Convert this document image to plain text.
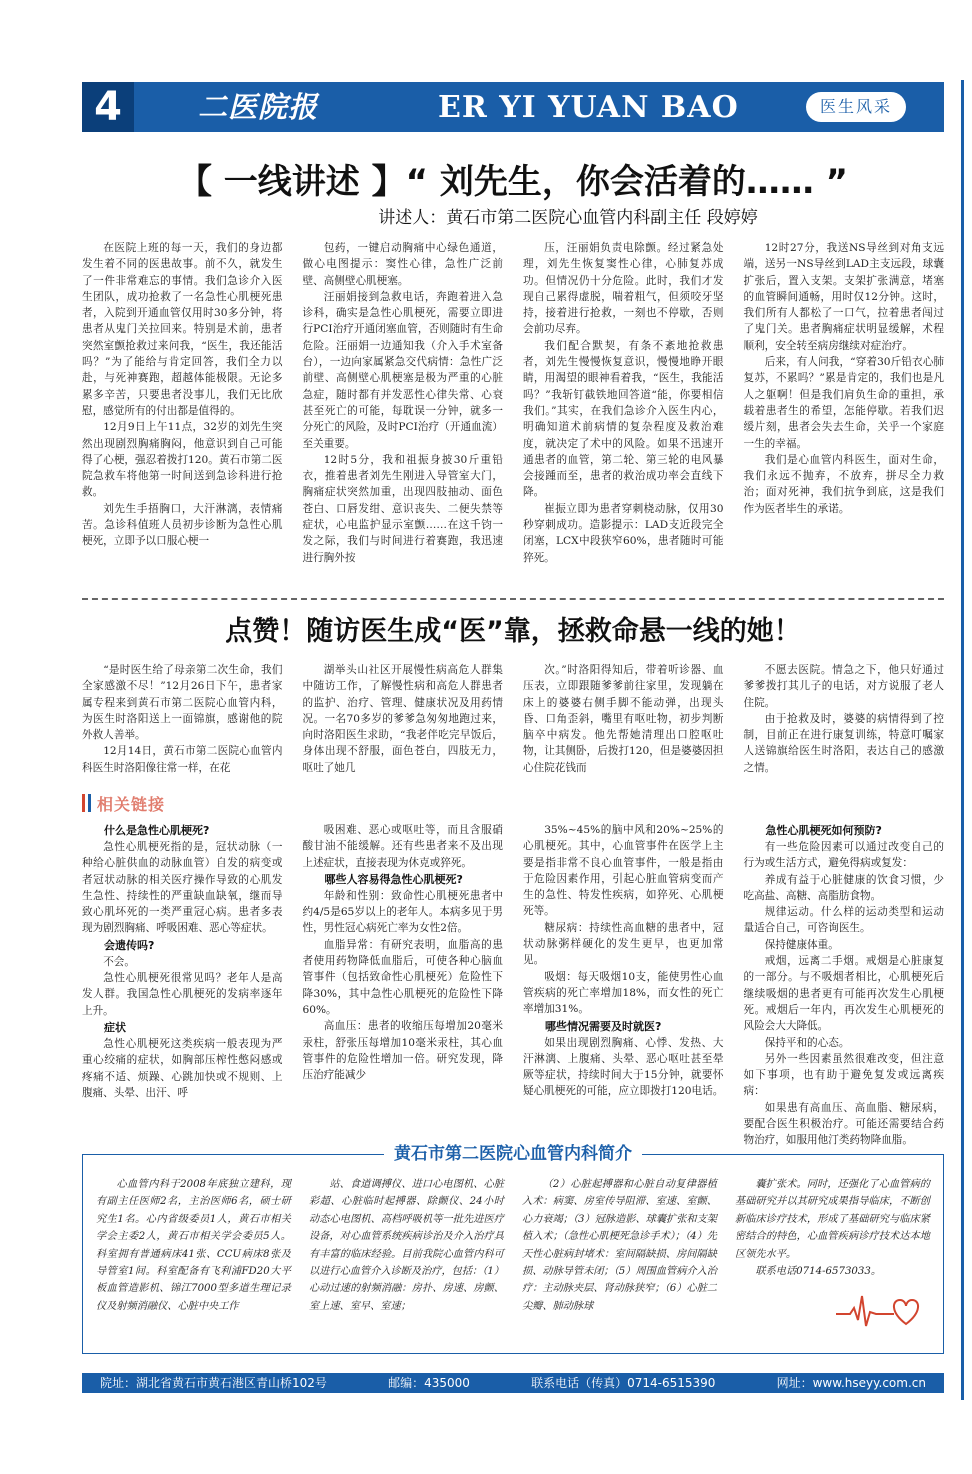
4	二医院报	ER YI YUAN BAO	医生风采
【 一线讲述 】“ 刘先生，你会活着的…… ”
讲述人：黄石市第二医院心血管内科副主任 段婷婷

在医院上班的每一天，我们的身边都发生着不同的医患故事。前不久，就发生了一件非常难忘的事情。我们急诊介入医生团队，成功抢救了一名急性心肌梗死患者，入院到开通血管仅用时30多分钟，将患者从鬼门关拉回来。特别是术前，患者突然室颤抢救过来问我，“医生，我还能活吗？”为了能给与肯定回答，我们全力以赴，与死神赛跑，超越体能极限。无论多累多辛苦，只要患者没事儿，我们无比欣慰，感觉所有的付出都是值得的。

12月9日上午11点，32岁的刘先生突然出现剧烈胸痛胸闷，他意识到自己可能得了心梗，强忍着拨打120。黄石市第二医院急救车将他第一时间送到急诊科进行抢救。

刘先生手捂胸口，大汗淋漓，表情痛苦。急诊科值班人员初步诊断为急性心肌梗死，立即予以口服心梗一

包药，一键启动胸痛中心绿色通道，做心电图提示：窦性心律，急性广泛前壁、高侧壁心肌梗塞。

汪丽娟接到急救电话，奔跑着进入急诊科，确实是急性心肌梗死，需要立即进行PCI治疗开通闭塞血管，否则随时有生命危险。汪丽娟一边通知我（介入手术室备台），一边向家属紧急交代病情：急性广泛前壁、高侧壁心肌梗塞是极为严重的心脏急症，随时都有并发恶性心律失常、心衰甚至死亡的可能，每耽误一分钟，就多一分死亡的风险，及时PCI治疗（开通血流）至关重要。

12时5分，我和祖振身披30斤重铅衣，推着患者刘先生刚进入导管室大门，胸痛症状突然加重，出现四肢抽动、面色苍白、口唇发绀、意识丧失、二便失禁等症状，心电监护显示室颤……在这千钧一发之际，我们与时间进行着赛跑，我迅速进行胸外按

压，汪丽娟负责电除颤。经过紧急处理，刘先生恢复窦性心律，心肺复苏成功。但情况仍十分危险。此时，我们才发现自己累得虚脱，喘着粗气，但须咬牙坚持，接着进行抢救，一刻也不停歇，否则会前功尽弃。

我们配合默契，有条不紊地抢救患者，刘先生慢慢恢复意识，慢慢地睁开眼睛，用渴望的眼神看着我，“医生，我能活吗？”我斩钉截铁地回答道“能，你要相信我们。”其实，在我们急诊介入医生内心，明确知道术前病情的复杂程度及救治难度，就决定了术中的风险。如果不迅速开通患者的血管，第二轮、第三轮的电风暴会接踵而至，患者的救治成功率会直线下降。

崔振立即为患者穿刺桡动脉，仅用30秒穿刺成功。造影提示：LAD支近段完全闭塞，LCX中段狭窄60%，患者随时可能猝死。

12时27分，我送NS导丝到对角支远端，送另一NS导丝到LAD主支远段，球囊扩张后，置入支架。支架扩张满意，堵塞的血管瞬间通畅，用时仅12分钟。这时，我们所有人都松了一口气，拉着患者闯过了鬼门关。患者胸痛症状明显缓解，术程顺利，安全转至病房继续对症治疗。

后来，有人问我，“穿着30斤铅衣心肺复苏，不累吗？”累是肯定的，我们也是凡人之躯啊！但是我们肩负生命的重担，承载着患者生的希望，怎能停歇。若我们迟缓片刻，患者会失去生命，关乎一个家庭一生的幸福。

我们是心血管内科医生，面对生命，我们永远不抛弃，不放弃，拼尽全力救治；面对死神，我们抗争到底，这是我们作为医者毕生的承诺。

点赞！随访医生成“医”靠，拯救命悬一线的她！

“是时医生给了母亲第二次生命，我们全家感激不尽！”12月26日下午，患者家属专程来到黄石市第二医院心血管内科，为医生时洛阳送上一面锦旗，感谢他的院外救人善举。

12月14日，黄石市第二医院心血管内科医生时洛阳像往常一样，在花

湖举头山社区开展慢性病高危人群集中随访工作，了解慢性病和高危人群患者的监护、治疗、管理、健康状况及用药情况。一名70多岁的爹爹急匆匆地跑过来，向时洛阳医生求助，“我老伴吃完早饭后，身体出现不舒服，面色苍白，四肢无力，呕吐了她几

次。”时洛阳得知后，带着听诊器、血压表，立即跟随爹爹前往家里，发现躺在床上的婆婆右侧手脚不能动弹，出现头昏、口角歪斜，嘴里有呕吐物，初步判断脑卒中病发。他先帮她清理出口腔呕吐物，让其侧卧，后拨打120，但是婆婆因担心住院花钱而

不愿去医院。情急之下，他只好通过爹爹拨打其儿子的电话，对方说服了老人住院。

由于抢救及时，婆婆的病情得到了控制，目前正在进行康复训练，特意叮嘱家人送锦旗给医生时洛阳，表达自己的感激之情。

相关链接
什么是急性心肌梗死?

急性心肌梗死指的是，冠状动脉（一种给心脏供血的动脉血管）自发的病变或者冠状动脉的相关医疗操作导致的心肌发生急性、持续性的严重缺血缺氧，继而导致心肌坏死的一类严重冠心病。患者多表现为剧烈胸痛、呼吸困难、恶心等症状。

会遗传吗?

不会。

急性心肌梗死很常见吗？老年人是高发人群。我国急性心肌梗死的发病率逐年上升。

症状

急性心肌梗死这类疾病一般表现为严重心绞痛的症状，如胸部压榨性憋闷感或疼痛不适、烦躁、心跳加快或不规则、上腹痛、头晕、出汗、呼

吸困难、恶心或呕吐等，而且含服硝酸甘油不能缓解。还有些患者来不及出现上述症状，直接表现为休克或猝死。

哪些人容易得急性心肌梗死?

年龄和性别：致命性心肌梗死患者中约4/5是65岁以上的老年人。本病多见于男性，男性冠心病死亡率为女性2倍。

血脂异常：有研究表明，血脂高的患者使用药物降低血脂后，可使各种心脑血管事件（包括致命性心肌梗死）危险性下降30%，其中急性心肌梗死的危险性下降60%。

高血压：患者的收缩压每增加20毫米汞柱，舒张压每增加10毫米汞柱，其心血管事件的危险性增加一倍。研究发现，降压治疗能减少

35%~45%的脑中风和20%~25%的心肌梗死。其中，心血管事件在医学上主要是指非常不良心血管事件，一般是指由于危险因素作用，引起心脏血管病变而产生的急性、特发性疾病，如猝死、心肌梗死等。

糖尿病：持续性高血糖的患者中，冠状动脉粥样硬化的发生更早，也更加常见。

吸烟：每天吸烟10支，能使男性心血管疾病的死亡率增加18%，而女性的死亡率增加31%。

哪些情况需要及时就医?

如果出现剧烈胸痛、心悸、发热、大汗淋漓、上腹痛、头晕、恶心呕吐甚至晕厥等症状，持续时间大于15分钟，就要怀疑心肌梗死的可能，应立即拨打120电话。

急性心肌梗死如何预防?

有一些危险因素可以通过改变自己的行为或生活方式，避免得病或复发：

养成有益于心脏健康的饮食习惯，少吃高盐、高糖、高脂肪食物。

规律运动。什么样的运动类型和运动量适合自己，可咨询医生。

保持健康体重。

戒烟，远离二手烟。戒烟是心脏康复的一部分。与不吸烟者相比，心肌梗死后继续吸烟的患者更有可能再次发生心肌梗死。戒烟后一年内，再次发生心肌梗死的风险会大大降低。

保持平和的心态。

另外一些因素虽然很难改变，但注意如下事项，也有助于避免复发或远离疾病：

如果患有高血压、高血脂、糖尿病，要配合医生积极治疗。可能还需要结合药物治疗，如服用他汀类药物降血脂。

黄石市第二医院心血管内科简介

心血管内科于2008年底独立建科，现有副主任医师2名，主治医师6名，硕士研究生1名。心内省级委员1人，黄石市相关学会主委2人，黄石市相关学会委员5人。科室拥有普通病床41张、CCU病床8张及导管室1间。科室配备有飞利浦FD20大平板血管造影机、锦江7000型多道生理记录仪及射频消融仪、心脏中央工作

站、食道调搏仪、进口心电图机、心脏彩超、心脏临时起搏器、除颤仪、24小时动态心电图机、高档呼吸机等一批先进医疗设备，对心血管系统疾病诊治及介入治疗具有丰富的临床经验。目前我院心血管内科可以进行心血管介入诊断及治疗，包括：（1）心动过速的射频消融：房扑、房速、房颤、室上速、室早、室速；

（2）心脏起搏器和心脏自动复律器植入术：病窦、房室传导阻滞、室速、室颤、心力衰竭；（3）冠脉造影、球囊扩张和支架植入术；（急性心肌梗死急诊手术）；（4）先天性心脏病封堵术：室间隔缺损、房间隔缺损、动脉导管未闭；（5）周围血管病介入治疗：主动脉夹层、肾动脉狭窄；（6）心脏二尖瓣、肺动脉球

囊扩张术。同时，还强化了心血管病的基础研究并以其研究成果指导临床，不断创新临床诊疗技术，形成了基础研究与临床紧密结合的特色，心血管疾病诊疗技术达本地区领先水平。

联系电话0714-6573033。

院址：湖北省黄石市黄石港区青山桥102号	邮编：435000	联系电话（传真）0714-6515390	网址：www.hseyy.com.cn
